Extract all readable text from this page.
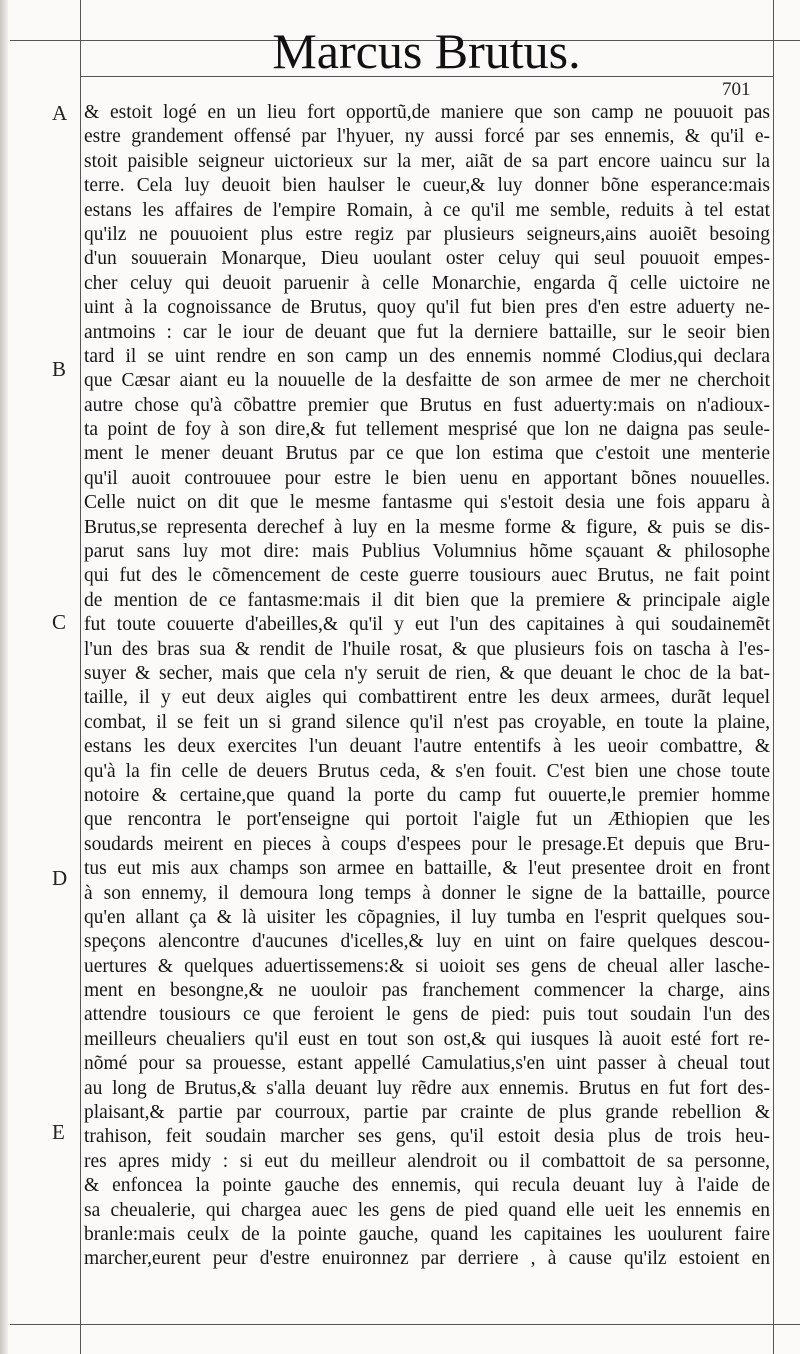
Marcus Brutus.
701
A
B
C
D
E
& estoit logé en un lieu fort opportũ,de maniere que son camp ne pouuoit pas
estre grandement offensé par l'hyuer, ny aussi forcé par ses ennemis, & qu'il e-
stoit paisible seigneur uictorieux sur la mer, aiãt de sa part encore uaincu sur la
terre. Cela luy deuoit bien haulser le cueur,& luy donner bõne esperance:mais
estans les affaires de l'empire Romain, à ce qu'il me semble, reduits à tel estat
qu'ilz ne pouuoient plus estre regiz par plusieurs seigneurs,ains auoiẽt besoing
d'un souuerain Monarque, Dieu uoulant oster celuy qui seul pouuoit empes-
cher celuy qui deuoit paruenir à celle Monarchie, engarda q̃ celle uictoire ne
uint à la cognoissance de Brutus, quoy qu'il fut bien pres d'en estre aduerty ne-
antmoins : car le iour de deuant que fut la derniere battaille, sur le seoir bien
tard il se uint rendre en son camp un des ennemis nommé Clodius,qui declara
que Cæsar aiant eu la nouuelle de la desfaitte de son armee de mer ne cherchoit
autre chose qu'à cõbattre premier que Brutus en fust aduerty:mais on n'adioux-
ta point de foy à son dire,& fut tellement mesprisé que lon ne daigna pas seule-
ment le mener deuant Brutus par ce que lon estima que c'estoit une menterie
qu'il auoit controuuee pour estre le bien uenu en apportant bõnes nouuelles.
Celle nuict on dit que le mesme fantasme qui s'estoit desia une fois apparu à
Brutus,se representa derechef à luy en la mesme forme & figure, & puis se dis-
parut sans luy mot dire: mais Publius Volumnius hõme sçauant & philosophe
qui fut des le cõmencement de ceste guerre tousiours auec Brutus, ne fait point
de mention de ce fantasme:mais il dit bien que la premiere & principale aigle
fut toute couuerte d'abeilles,& qu'il y eut l'un des capitaines à qui soudainemẽt
l'un des bras sua & rendit de l'huile rosat, & que plusieurs fois on tascha à l'es-
suyer & secher, mais que cela n'y seruit de rien, & que deuant le choc de la bat-
taille, il y eut deux aigles qui combattirent entre les deux armees, durãt lequel
combat, il se feit un si grand silence qu'il n'est pas croyable, en toute la plaine,
estans les deux exercites l'un deuant l'autre ententifs à les ueoir combattre, &
qu'à la fin celle de deuers Brutus ceda, & s'en fouit. C'est bien une chose toute
notoire & certaine,que quand la porte du camp fut ouuerte,le premier homme
que rencontra le port'enseigne qui portoit l'aigle fut un Æthiopien que les
soudards meirent en pieces à coups d'espees pour le presage.Et depuis que Bru-
tus eut mis aux champs son armee en battaille, & l'eut presentee droit en front
à son ennemy, il demoura long temps à donner le signe de la battaille, pource
qu'en allant ça & là uisiter les cõpagnies, il luy tumba en l'esprit quelques sou-
speçons alencontre d'aucunes d'icelles,& luy en uint on faire quelques descou-
uertures & quelques aduertissemens:& si uoioit ses gens de cheual aller lasche-
ment en besongne,& ne uouloir pas franchement commencer la charge, ains
attendre tousiours ce que feroient le gens de pied: puis tout soudain l'un des
meilleurs cheualiers qu'il eust en tout son ost,& qui iusques là auoit esté fort re-
nõmé pour sa prouesse, estant appellé Camulatius,s'en uint passer à cheual tout
au long de Brutus,& s'alla deuant luy rẽdre aux ennemis. Brutus en fut fort des-
plaisant,& partie par courroux, partie par crainte de plus grande rebellion &
trahison, feit soudain marcher ses gens, qu'il estoit desia plus de trois heu-
res apres midy : si eut du meilleur alendroit ou il combattoit de sa personne,
& enfoncea la pointe gauche des ennemis, qui recula deuant luy à l'aide de
sa cheualerie, qui chargea auec les gens de pied quand elle ueit les ennemis en
branle:mais ceulx de la pointe gauche, quand les capitaines les uoulurent faire
marcher,eurent peur d'estre enuironnez par derriere , à cause qu'ilz estoient en
